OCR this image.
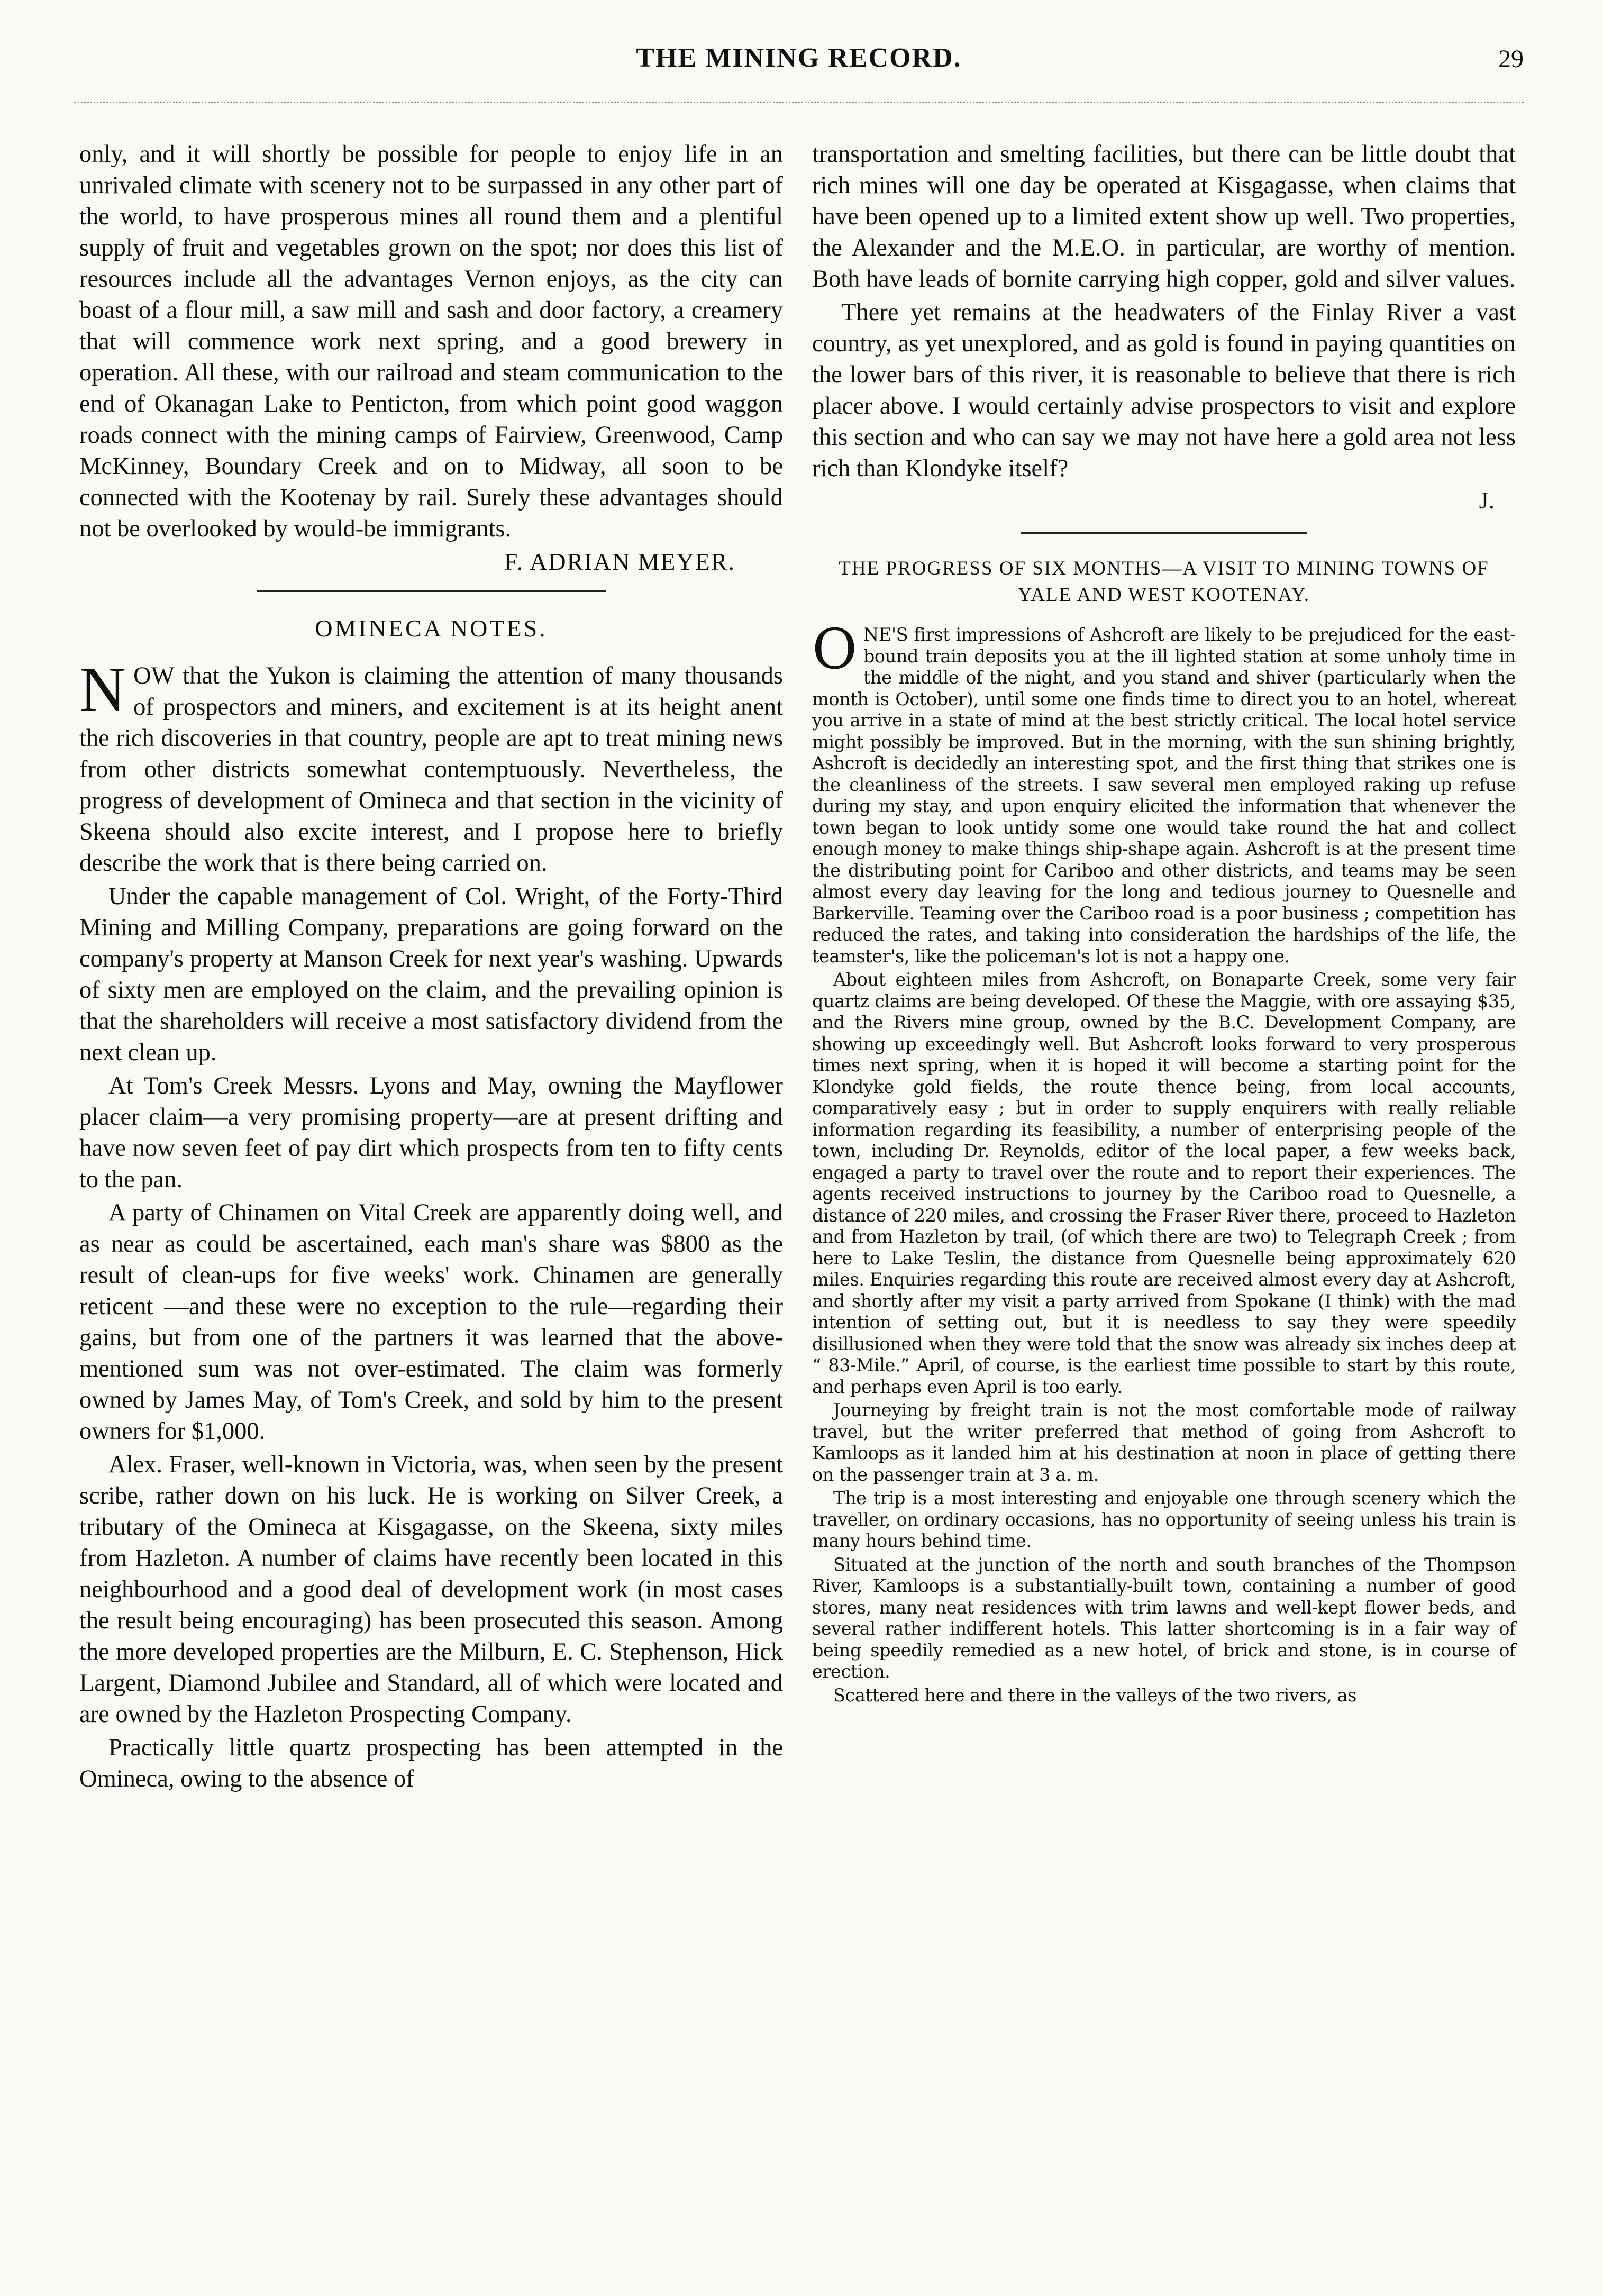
THE MINING RECORD.	29

only, and it will shortly be possible for people to enjoy life in an unrivaled climate with scenery not to be surpassed in any other part of the world, to have prosperous mines all round them and a plentiful supply of fruit and vegetables grown on the spot; nor does this list of resources include all the advantages Vernon enjoys, as the city can boast of a flour mill, a saw mill and sash and door factory, a creamery that will commence work next spring, and a good brewery in operation. All these, with our railroad and steam communication to the end of Okanagan Lake to Penticton, from which point good waggon roads connect with the mining camps of Fairview, Greenwood, Camp McKinney, Boundary Creek and on to Midway, all soon to be connected with the Kootenay by rail. Surely these advantages should not be overlooked by would-be immigrants.

F. ADRIAN MEYER.
OMINECA NOTES.

N OW that the Yukon is claiming the attention of many thousands of prospectors and miners, and excitement is at its height anent the rich discoveries in that country, people are apt to treat mining news from other districts somewhat contemptuously. Nevertheless, the progress of development of Omineca and that section in the vicinity of Skeena should also excite interest, and I propose here to briefly describe the work that is there being carried on.

Under the capable management of Col. Wright, of the Forty-Third Mining and Milling Company, preparations are going forward on the company's property at Manson Creek for next year's washing. Upwards of sixty men are employed on the claim, and the prevailing opinion is that the shareholders will receive a most satisfactory dividend from the next clean up.

At Tom's Creek Messrs. Lyons and May, owning the Mayflower placer claim—a very promising property—are at present drifting and have now seven feet of pay dirt which prospects from ten to fifty cents to the pan.

A party of Chinamen on Vital Creek are apparently doing well, and as near as could be ascertained, each man's share was $800 as the result of clean-ups for five weeks' work. Chinamen are generally reticent —and these were no exception to the rule—regarding their gains, but from one of the partners it was learned that the above-mentioned sum was not over-estimated. The claim was formerly owned by James May, of Tom's Creek, and sold by him to the present owners for $1,000.

Alex. Fraser, well-known in Victoria, was, when seen by the present scribe, rather down on his luck. He is working on Silver Creek, a tributary of the Omineca at Kisgagasse, on the Skeena, sixty miles from Hazleton. A number of claims have recently been located in this neighbourhood and a good deal of development work (in most cases the result being encouraging) has been prosecuted this season. Among the more developed properties are the Milburn, E. C. Stephenson, Hick Largent, Diamond Jubilee and Standard, all of which were located and are owned by the Hazleton Prospecting Company.

Practically little quartz prospecting has been attempted in the Omineca, owing to the absence of

transportation and smelting facilities, but there can be little doubt that rich mines will one day be operated at Kisgagasse, when claims that have been opened up to a limited extent show up well. Two properties, the Alexander and the M.E.O. in particular, are worthy of mention. Both have leads of bornite carrying high copper, gold and silver values.

There yet remains at the headwaters of the Finlay River a vast country, as yet unexplored, and as gold is found in paying quantities on the lower bars of this river, it is reasonable to believe that there is rich placer above. I would certainly advise prospectors to visit and explore this section and who can say we may not have here a gold area not less rich than Klondyke itself?

J.
THE PROGRESS OF SIX MONTHS—A VISIT TO MINING TOWNS OF YALE AND WEST KOOTENAY.

O NE'S first impressions of Ashcroft are likely to be prejudiced for the east-bound train deposits you at the ill lighted station at some unholy time in the middle of the night, and you stand and shiver (particularly when the month is October), until some one finds time to direct you to an hotel, whereat you arrive in a state of mind at the best strictly critical. The local hotel service might possibly be improved. But in the morning, with the sun shining brightly, Ashcroft is decidedly an interesting spot, and the first thing that strikes one is the cleanliness of the streets. I saw several men employed raking up refuse during my stay, and upon enquiry elicited the information that whenever the town began to look untidy some one would take round the hat and collect enough money to make things ship-shape again. Ashcroft is at the present time the distributing point for Cariboo and other districts, and teams may be seen almost every day leaving for the long and tedious journey to Quesnelle and Barkerville. Teaming over the Cariboo road is a poor business ; competition has reduced the rates, and taking into consideration the hardships of the life, the teamster's, like the policeman's lot is not a happy one.

About eighteen miles from Ashcroft, on Bonaparte Creek, some very fair quartz claims are being developed. Of these the Maggie, with ore assaying $35, and the Rivers mine group, owned by the B.C. Development Company, are showing up exceedingly well. But Ashcroft looks forward to very prosperous times next spring, when it is hoped it will become a starting point for the Klondyke gold fields, the route thence being, from local accounts, comparatively easy ; but in order to supply enquirers with really reliable information regarding its feasibility, a number of enterprising people of the town, including Dr. Reynolds, editor of the local paper, a few weeks back, engaged a party to travel over the route and to report their experiences. The agents received instructions to journey by the Cariboo road to Quesnelle, a distance of 220 miles, and crossing the Fraser River there, proceed to Hazleton and from Hazleton by trail, (of which there are two) to Telegraph Creek ; from here to Lake Teslin, the distance from Quesnelle being approximately 620 miles. Enquiries regarding this route are received almost every day at Ashcroft, and shortly after my visit a party arrived from Spokane (I think) with the mad intention of setting out, but it is needless to say they were speedily disillusioned when they were told that the snow was already six inches deep at “ 83-Mile.” April, of course, is the earliest time possible to start by this route, and perhaps even April is too early.

Journeying by freight train is not the most comfortable mode of railway travel, but the writer preferred that method of going from Ashcroft to Kamloops as it landed him at his destination at noon in place of getting there on the passenger train at 3 a. m.

The trip is a most interesting and enjoyable one through scenery which the traveller, on ordinary occasions, has no opportunity of seeing unless his train is many hours behind time.

Situated at the junction of the north and south branches of the Thompson River, Kamloops is a substantially-built town, containing a number of good stores, many neat residences with trim lawns and well-kept flower beds, and several rather indifferent hotels. This latter shortcoming is in a fair way of being speedily remedied as a new hotel, of brick and stone, is in course of erection.

Scattered here and there in the valleys of the two rivers, as
